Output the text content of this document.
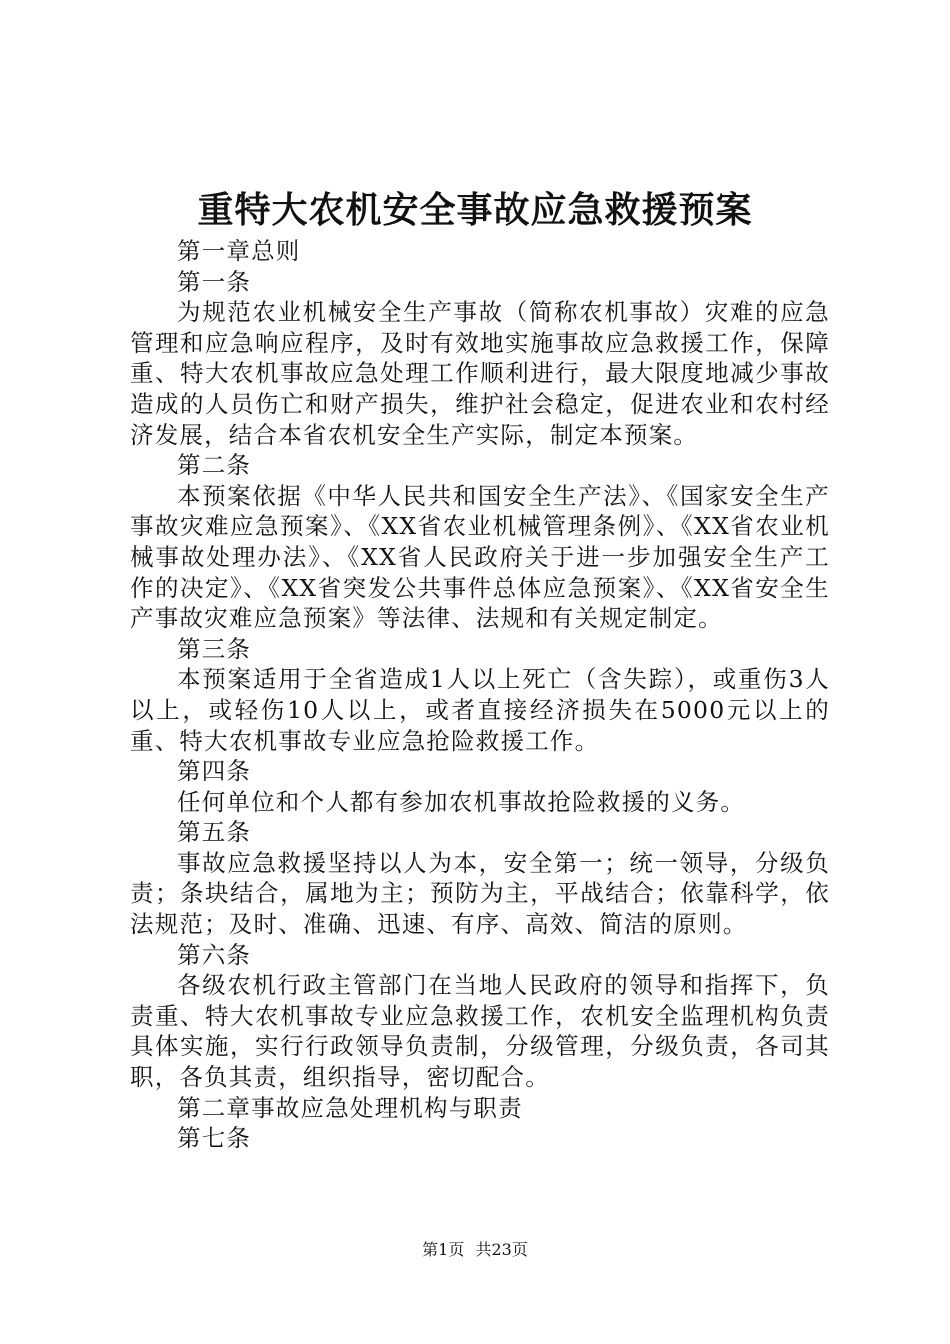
重特大农机安全事故应急救援预案

第一章总则

第一条

为规范农业机械安全生产事故（简称农机事故）灾难的应急管理和应急响应程序，及时有效地实施事故应急救援工作，保障重、特大农机事故应急处理工作顺利进行，最大限度地减少事故造成的人员伤亡和财产损失，维护社会稳定，促进农业和农村经济发展，结合本省农机安全生产实际，制定本预案。

第二条

本预案依据《中华人民共和国安全生产法》、《国家安全生产事故灾难应急预案》、《XX省农业机械管理条例》、《XX省农业机械事故处理办法》、《XX省人民政府关于进一步加强安全生产工作的决定》、《XX省突发公共事件总体应急预案》、《XX省安全生产事故灾难应急预案》等法律、法规和有关规定制定。

第三条

本预案适用于全省造成1人以上死亡（含失踪），或重伤3人以上，或轻伤10人以上，或者直接经济损失在5000元以上的重、特大农机事故专业应急抢险救援工作。

第四条

任何单位和个人都有参加农机事故抢险救援的义务。

第五条

事故应急救援坚持以人为本，安全第一；统一领导，分级负责；条块结合，属地为主；预防为主，平战结合；依靠科学，依法规范；及时、准确、迅速、有序、高效、简洁的原则。

第六条

各级农机行政主管部门在当地人民政府的领导和指挥下，负责重、特大农机事故专业应急救援工作，农机安全监理机构负责具体实施，实行行政领导负责制，分级管理，分级负责，各司其职，各负其责，组织指导，密切配合。

第二章事故应急处理机构与职责

第七条

第1页 共23页
